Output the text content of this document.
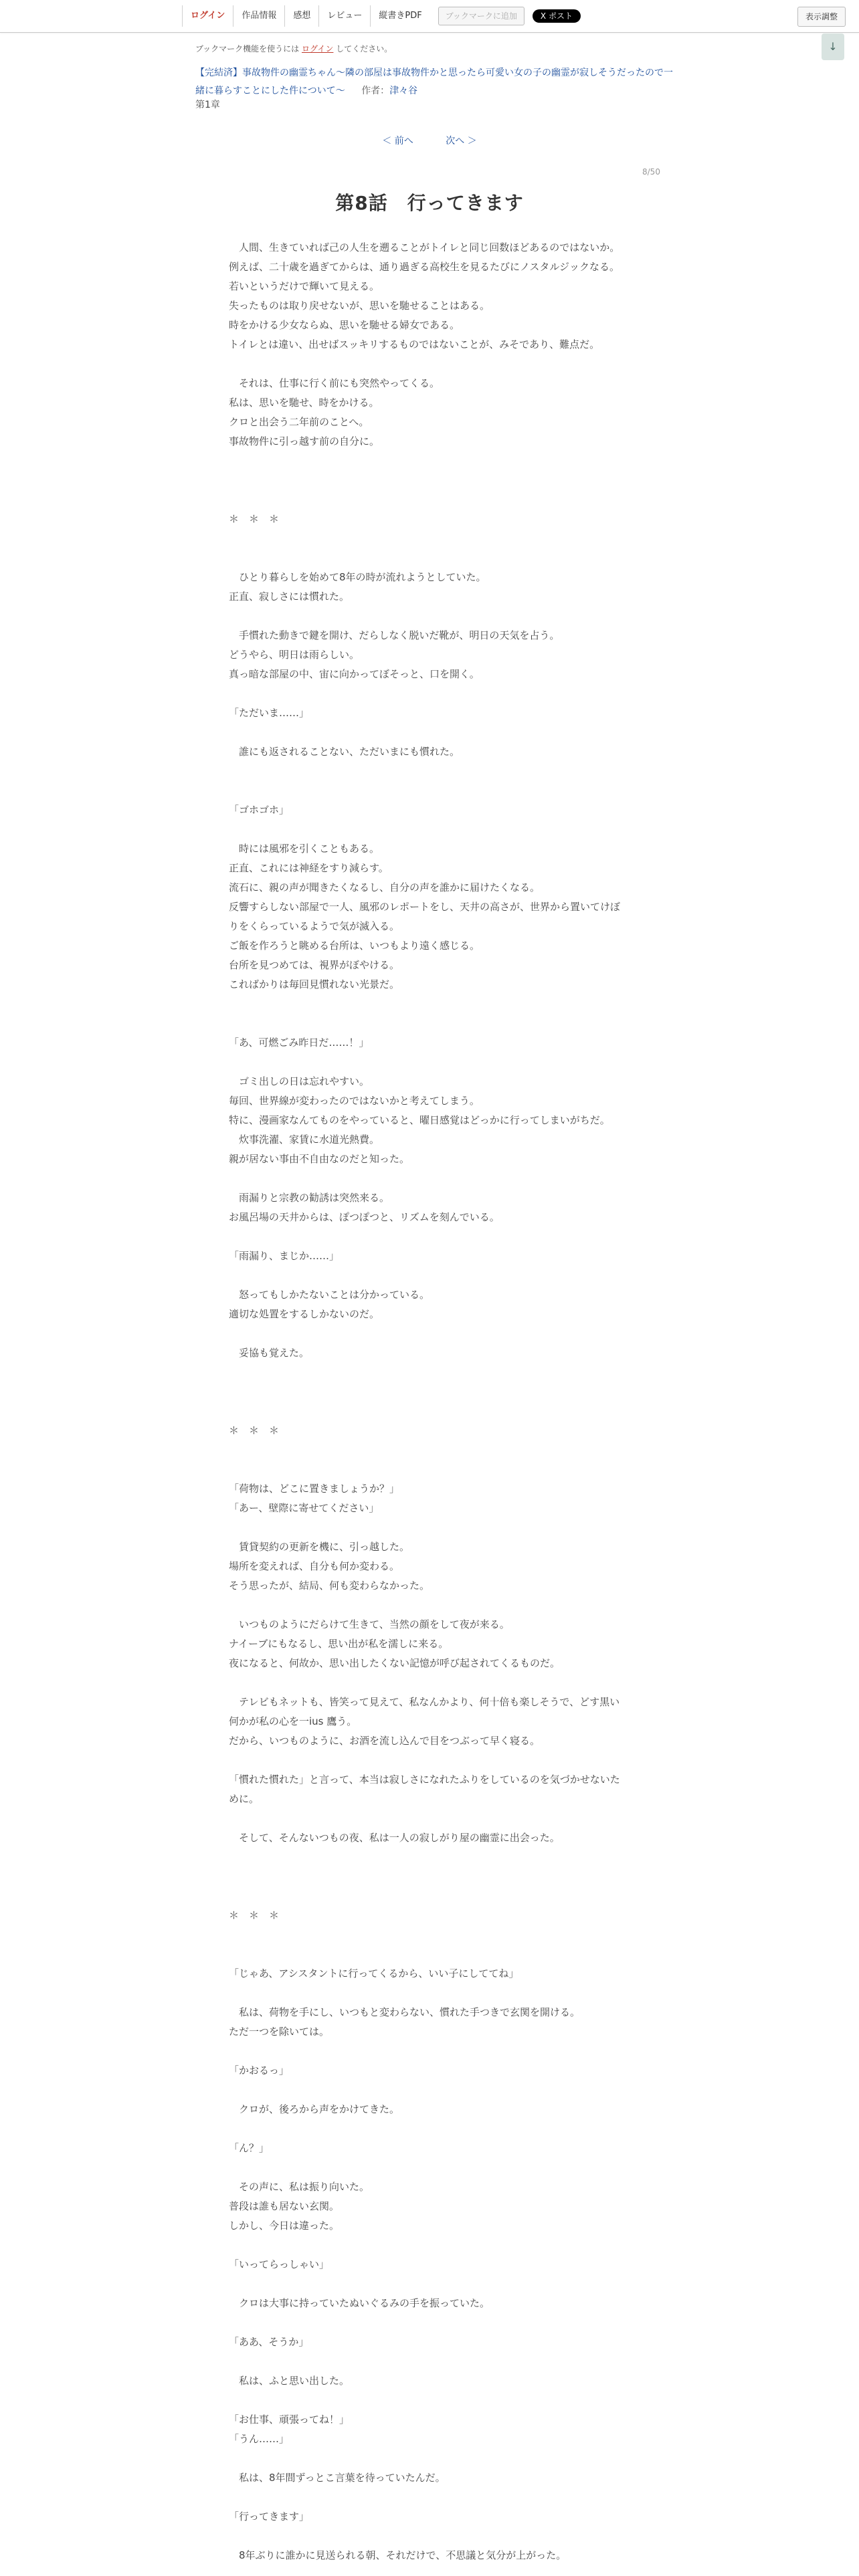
ログイン	作品情報	感想	レビュー	縦書きPDF	ブックマークに追加	X ポスト	表示調整
↓
ブックマーク機能を使うには ログイン してください。
【完結済】事故物件の幽霊ちゃん〜隣の部屋は事故物件かと思ったら可愛い女の子の幽霊が寂しそうだったので一緒に暮らすことにした件について〜 作者：津々谷
第1章
＜ 前へ	次へ ＞
8/50
第8話　行ってきます
　人間、生きていれば己の人生を遡ることがトイレと同じ回数ほどあるのではないか。
例えば、二十歳を過ぎてからは、通り過ぎる高校生を見るたびにノスタルジックなる。
若いというだけで輝いて見える。
失ったものは取り戻せないが、思いを馳せることはある。
時をかける少女ならぬ、思いを馳せる婦女である。
トイレとは違い、出せばスッキリするものではないことが、みそであり、難点だ。
　それは、仕事に行く前にも突然やってくる。
私は、思いを馳せ、時をかける。
クロと出会う二年前のことへ。
事故物件に引っ越す前の自分に。
＊　＊　＊
　ひとり暮らしを始めて8年の時が流れようとしていた。
正直、寂しさには慣れた。
　手慣れた動きで鍵を開け、だらしなく脱いだ靴が、明日の天気を占う。
どうやら、明日は雨らしい。
真っ暗な部屋の中、宙に向かってぼそっと、口を開く。
「ただいま……」
　誰にも返されることない、ただいまにも慣れた。
「ゴホゴホ」
　時には風邪を引くこともある。
正直、これには神経をすり減らす。
流石に、親の声が聞きたくなるし、自分の声を誰かに届けたくなる。
反響すらしない部屋で一人、風邪のレポートをし、天井の高さが、世界から置いてけぼりをくらっているようで気が滅入る。
ご飯を作ろうと眺める台所は、いつもより遠く感じる。
台所を見つめては、視界がぼやける。
こればかりは毎回見慣れない光景だ。
「あ、可燃ごみ昨日だ……！」
　ゴミ出しの日は忘れやすい。
毎回、世界線が変わったのではないかと考えてしまう。
特に、漫画家なんてものをやっていると、曜日感覚はどっかに行ってしまいがちだ。
　炊事洗濯、家賃に水道光熱費。
親が居ない事由不自由なのだと知った。
　雨漏りと宗教の勧誘は突然来る。
お風呂場の天井からは、ぽつぽつと、リズムを刻んでいる。
「雨漏り、まじか……」
　怒ってもしかたないことは分かっている。
適切な処置をするしかないのだ。
　妥協も覚えた。
＊　＊　＊
「荷物は、どこに置きましょうか？」
「あー、壁際に寄せてください」
　賃貸契約の更新を機に、引っ越した。
場所を変えれば、自分も何か変わる。
そう思ったが、結局、何も変わらなかった。
　いつものようにだらけて生きて、当然の顔をして夜が来る。
ナイーブにもなるし、思い出が私を濡しに来る。
夜になると、何故か、思い出したくない記憶が呼び起されてくるものだ。
　テレビもネットも、皆笑って見えて、私なんかより、何十倍も楽しそうで、どす黒い何かが私の心を一ius 鷹う。
だから、いつものように、お酒を流し込んで目をつぶって早く寝る。
「慣れた慣れた」と言って、本当は寂しさになれたふりをしているのを気づかせないために。
　そして、そんないつもの夜、私は一人の寂しがり屋の幽霊に出会った。
＊　＊　＊
「じゃあ、アシスタントに行ってくるから、いい子にしててね」
　私は、荷物を手にし、いつもと変わらない、慣れた手つきで玄関を開ける。
ただ一つを除いては。
「かおるっ」
　クロが、後ろから声をかけてきた。
「ん？」
　その声に、私は振り向いた。
普段は誰も居ない玄関。
しかし、今日は違った。
「いってらっしゃい」
　クロは大事に持っていたぬいぐるみの手を振っていた。
「ああ、そうか」
　私は、ふと思い出した。
「お仕事、頑張ってね！」
「うん……」
　私は、8年間ずっとこ言葉を待っていたんだ。
「行ってきます」
　8年ぶりに誰かに見送られる朝、それだけで、不思議と気分が上がった。
